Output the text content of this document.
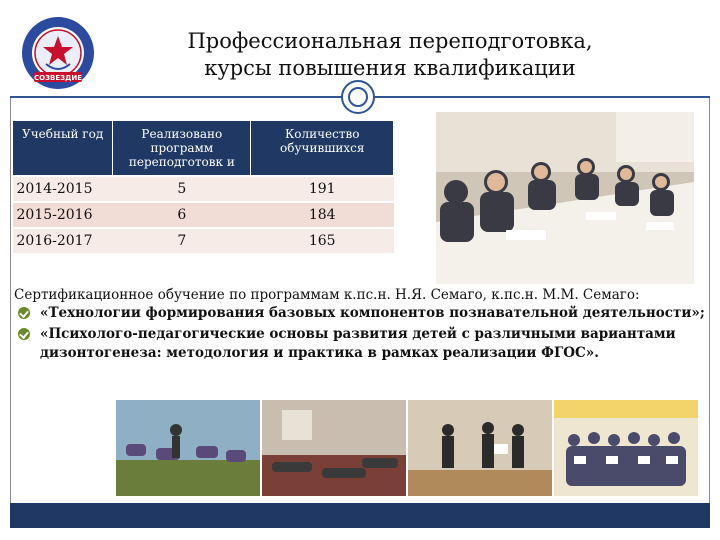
СОЗВЕЗДИЕ
Профессиональная переподготовка,
курсы повышения квалификации
Учебный год	Реализовано программ переподготовк и	Количество обучившихся
2014-2015	5	191
2015-2016	6	184
2016-2017	7	165
Сертификационное обучение по программам к.пс.н. Н.Я. Семаго, к.пс.н. М.М. Семаго:
«Технологии формирования базовых компонентов познавательной деятельности»;
«Психолого-педагогические основы развития детей с различными вариантами дизонтогенеза: методология и практика в рамках реализации ФГОС».
